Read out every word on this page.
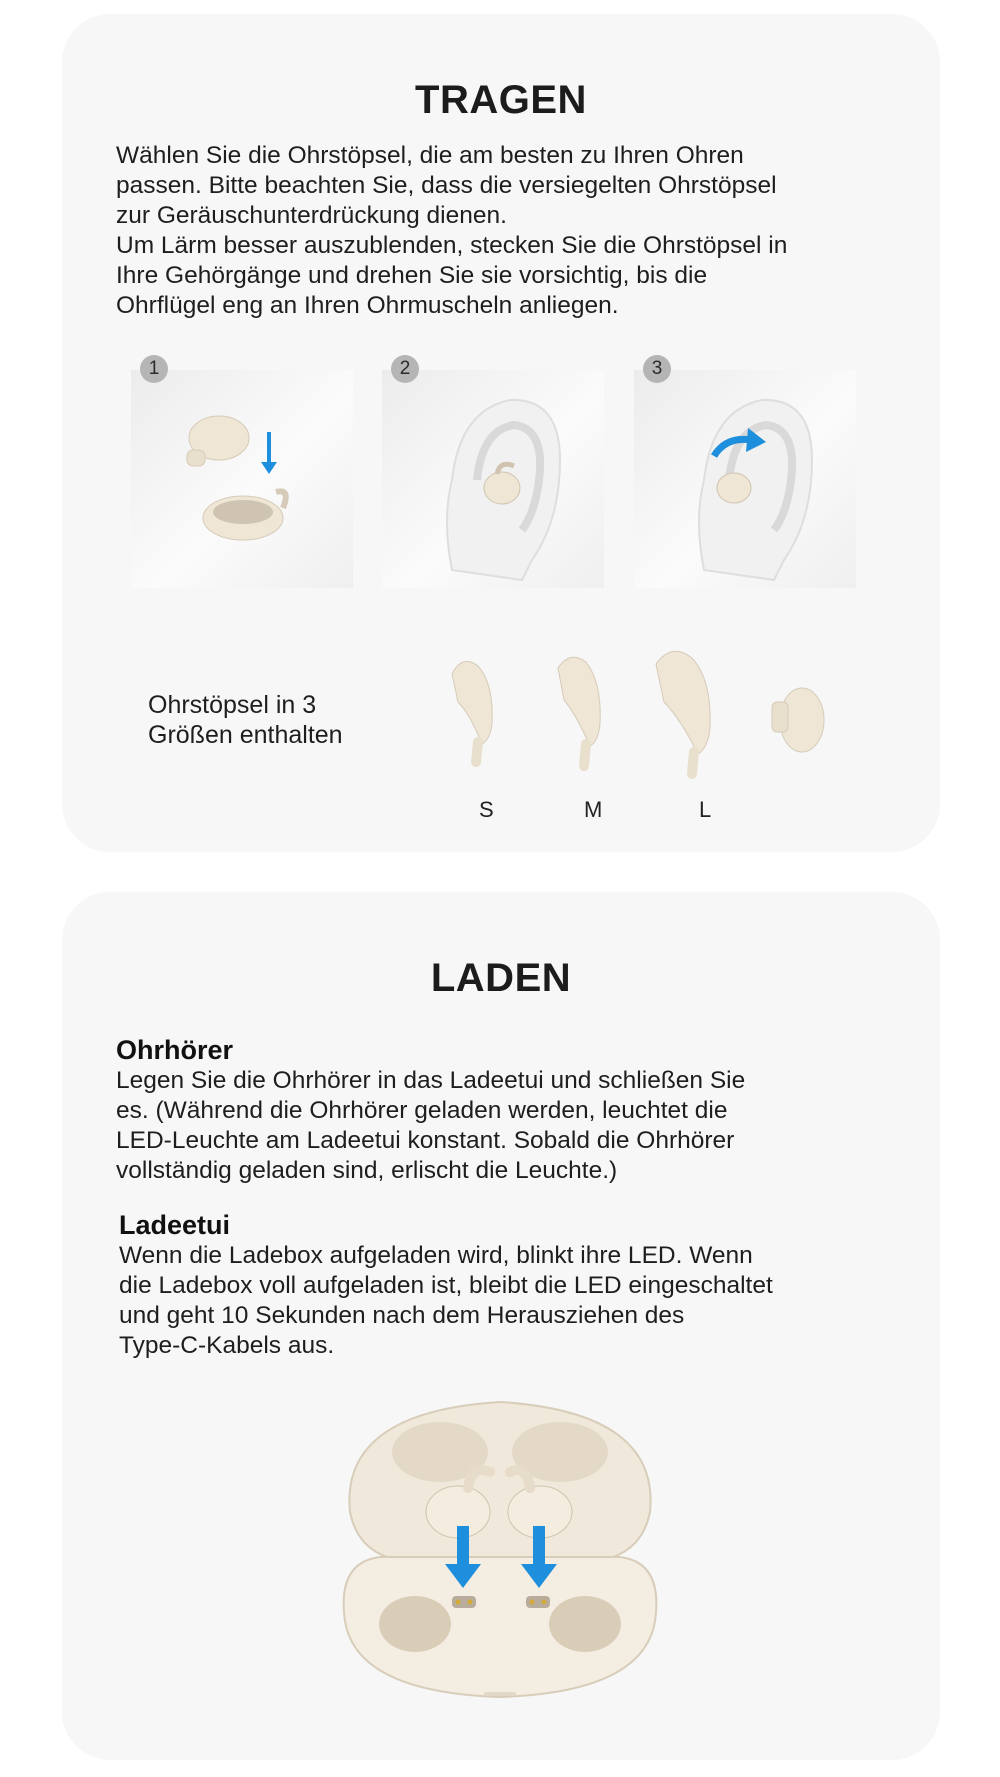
TRAGEN
Wählen Sie die Ohrstöpsel, die am besten zu Ihren Ohren
passen. Bitte beachten Sie, dass die versiegelten Ohrstöpsel
zur Geräuschunterdrückung dienen.
Um Lärm besser auszublenden, stecken Sie die Ohrstöpsel in
Ihre Gehörgänge und drehen Sie sie vorsichtig, bis die
Ohrflügel eng an Ihren Ohrmuscheln anliegen.
1	2	3
Ohrstöpsel in 3
Größen enthalten
S	M	L
LADEN
Ohrhörer
Legen Sie die Ohrhörer in das Ladeetui und schließen Sie
es. (Während die Ohrhörer geladen werden, leuchtet die
LED-Leuchte am Ladeetui konstant. Sobald die Ohrhörer
vollständig geladen sind, erlischt die Leuchte.)
Ladeetui
Wenn die Ladebox aufgeladen wird, blinkt ihre LED. Wenn
die Ladebox voll aufgeladen ist, bleibt die LED eingeschaltet
und geht 10 Sekunden nach dem Herausziehen des
Type-C-Kabels aus.
